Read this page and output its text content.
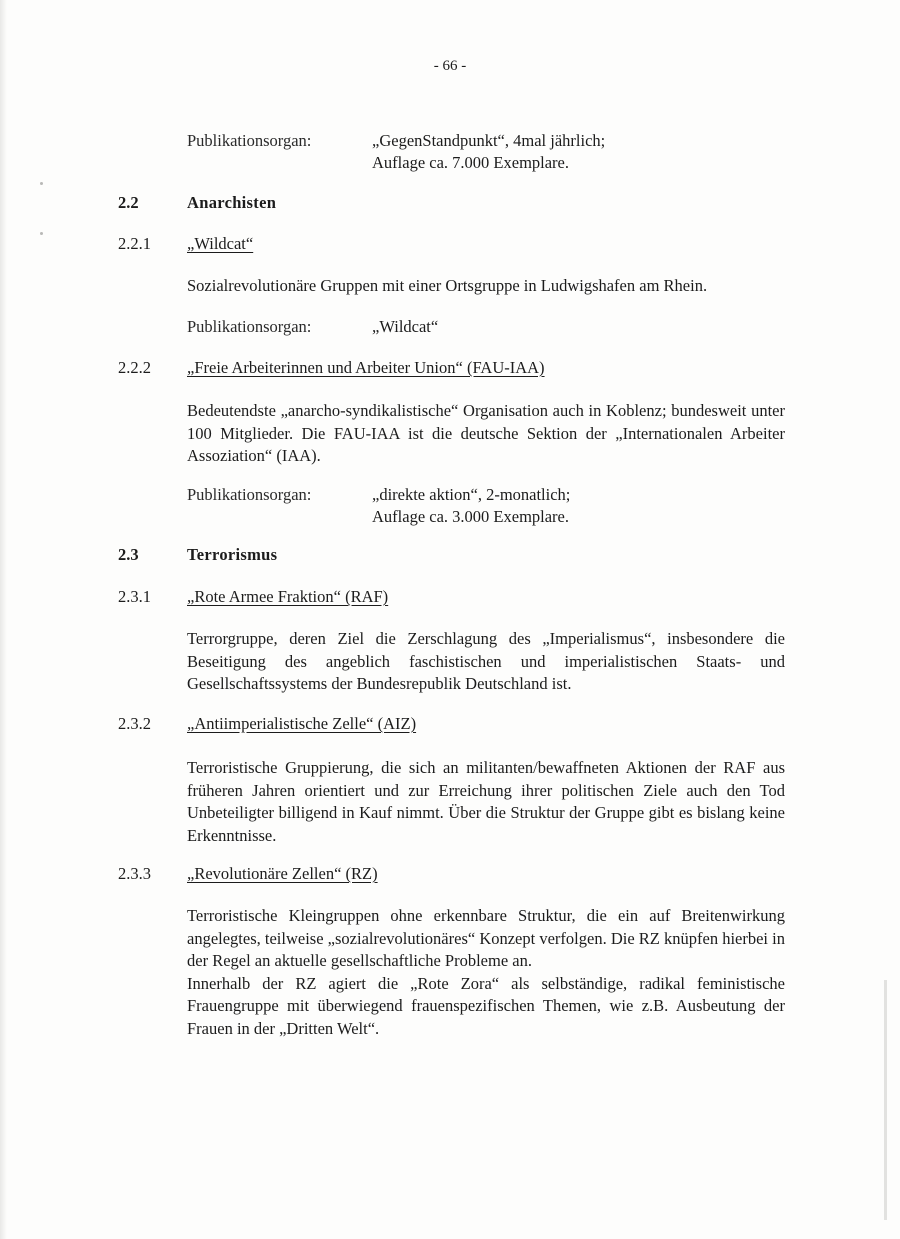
- 66 -
Publikationsorgan:	„GegenStandpunkt“, 4mal jährlich;
Auflage ca. 7.000 Exemplare.
2.2	Anarchisten
2.2.1 „Wildcat“
Sozialrevolutionäre Gruppen mit einer Ortsgruppe in Ludwigshafen am Rhein.
Publikationsorgan:	„Wildcat“
2.2.2 „Freie Arbeiterinnen und Arbeiter Union“ (FAU-IAA)

Bedeutendste „anarcho-syndikalistische“ Organisation auch in Koblenz; bundesweit unter 100 Mitglieder. Die FAU-IAA ist die deutsche Sektion der „Internationalen Arbeiter Assoziation“ (IAA).

Publikationsorgan:	„direkte aktion“, 2-monatlich;
Auflage ca. 3.000 Exemplare.
2.3	Terrorismus
2.3.1 „Rote Armee Fraktion“ (RAF)

Terrorgruppe, deren Ziel die Zerschlagung des „Imperialismus“, insbesondere die Beseitigung des angeblich faschistischen und imperialistischen Staats- und Gesellschaftssystems der Bundesrepublik Deutschland ist.

2.3.2 „Antiimperialistische Zelle“ (AIZ)

Terroristische Gruppierung, die sich an militanten/bewaffneten Aktionen der RAF aus früheren Jahren orientiert und zur Erreichung ihrer politischen Ziele auch den Tod Unbeteiligter billigend in Kauf nimmt. Über die Struktur der Gruppe gibt es bislang keine Erkenntnisse.

2.3.3 „Revolutionäre Zellen“ (RZ)

Terroristische Kleingruppen ohne erkennbare Struktur, die ein auf Breitenwirkung angelegtes, teilweise „sozialrevolutionäres“ Konzept verfolgen. Die RZ knüpfen hierbei in der Regel an aktuelle gesellschaftliche Probleme an.

Innerhalb der RZ agiert die „Rote Zora“ als selbständige, radikal feministische Frauengruppe mit überwiegend frauenspezifischen Themen, wie z.B. Ausbeutung der Frauen in der „Dritten Welt“.
